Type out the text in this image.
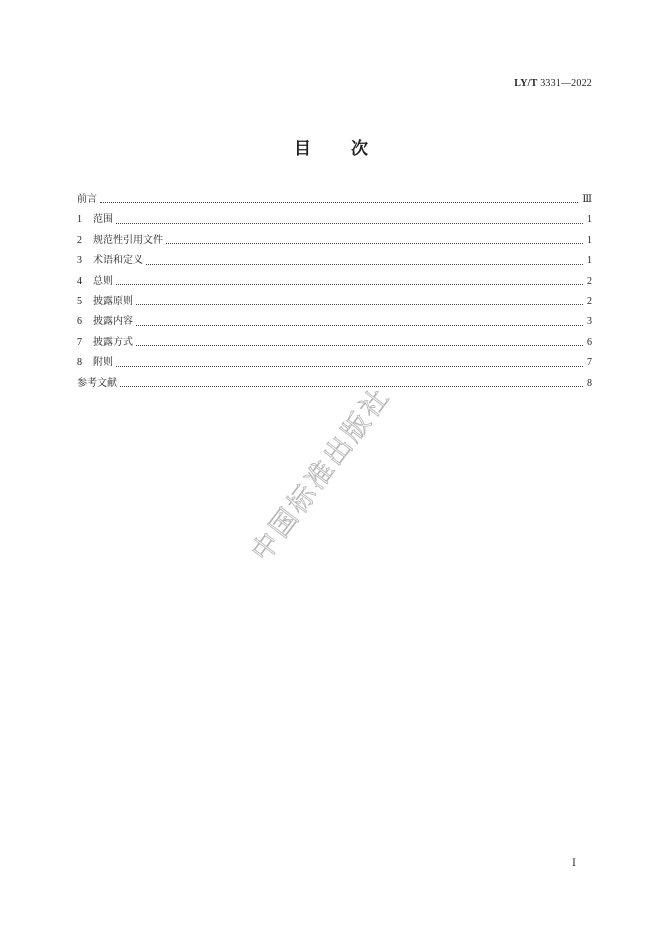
LY/T 3331—2022
目次
前言	Ⅲ
1	范围	1
2	规范性引用文件	1
3	术语和定义	1
4	总则	2
5	披露原则	2
6	披露内容	3
7	披露方式	6
8	附则	7
参考文献	8
中国标准出版社
Ⅰ
